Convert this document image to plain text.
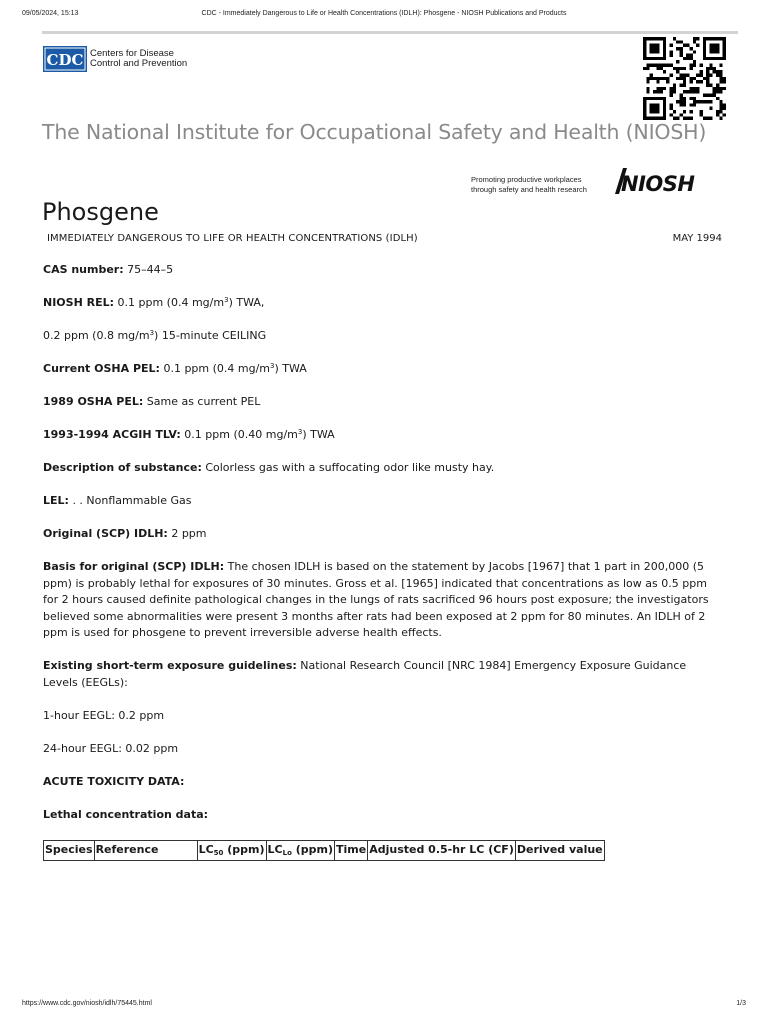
09/05/2024, 15:13	CDC - Immediately Dangerous to Life or Health Concentrations (IDLH): Phosgene - NIOSH Publications and Products
CDC Centers for Disease
Control and Prevention
The National Institute for Occupational Safety and Health (NIOSH)
Promoting productive workplaces
through safety and health research NIOSH
Phosgene
IMMEDIATELY DANGEROUS TO LIFE OR HEALTH CONCENTRATIONS (IDLH)	MAY 1994

CAS number: 75–44–5

NIOSH REL: 0.1 ppm (0.4 $mg/m^3$) TWA,

0.2 ppm (0.8 $mg/m^3$) 15-minute CEILING

Current OSHA PEL: 0.1 ppm (0.4 $mg/m^3$) TWA

1989 OSHA PEL: Same as current PEL

1993-1994 ACGIH TLV: 0.1 ppm (0.40 $mg/m^3$) TWA

Description of substance: Colorless gas with a suffocating odor like musty hay.

LEL: . . Nonflammable Gas

Original (SCP) IDLH: 2 ppm

Basis for original (SCP) IDLH: The chosen IDLH is based on the statement by Jacobs [1967] that 1 part in 200,000 (5 ppm) is probably lethal for exposures of 30 minutes. Gross et al. [1965] indicated that concentrations as low as 0.5 ppm for 2 hours caused definite pathological changes in the lungs of rats sacrificed 96 hours post exposure; the investigators believed some abnormalities were present 3 months after rats had been exposed at 2 ppm for 80 minutes. An IDLH of 2 ppm is used for phosgene to prevent irreversible adverse health effects.

Existing short-term exposure guidelines: National Research Council [NRC 1984] Emergency Exposure Guidance Levels (EEGLs):

1-hour EEGL: 0.2 ppm

24-hour EEGL: 0.02 ppm

ACUTE TOXICITY DATA:

Lethal concentration data:

Species	Reference	$LC_{50}$ (ppm)	$LC_{Lo}$ (ppm)	Time	Adjusted 0.5-hr LC (CF)	Derived value
https://www.cdc.gov/niosh/idlh/75445.html	1/3
